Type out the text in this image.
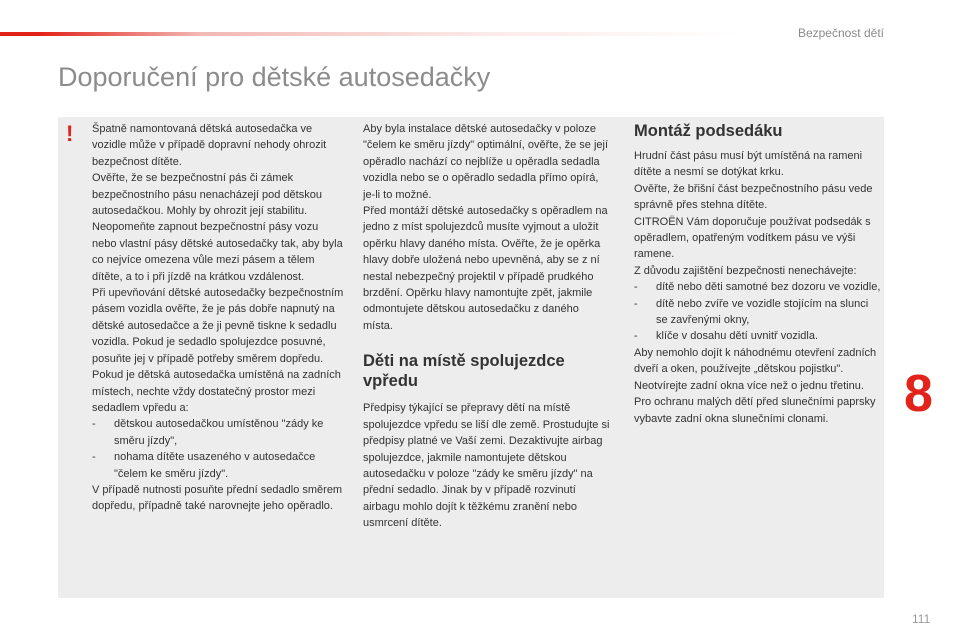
Bezpečnost dětí
Doporučení pro dětské autosedačky
! Špatně namontovaná dětská autosedačka ve vozidle může v případě dopravní nehody ohrozit bezpečnost dítěte.

Ověřte, že se bezpečnostní pás či zámek bezpečnostního pásu nenacházejí pod dětskou autosedačkou. Mohly by ohrozit její stabilitu.

Neopomeňte zapnout bezpečnostní pásy vozu nebo vlastní pásy dětské autosedačky tak, aby byla co nejvíce omezena vůle mezi pásem a tělem dítěte, a to i při jízdě na krátkou vzdálenost.

Při upevňování dětské autosedačky bezpečnostním pásem vozidla ověřte, že je pás dobře napnutý na dětské autosedačce a že ji pevně tiskne k sedadlu vozidla. Pokud je sedadlo spolujezdce posuvné, posuňte jej v případě potřeby směrem dopředu.

Pokud je dětská autosedačka umístěná na zadních místech, nechte vždy dostatečný prostor mezi sedadlem vpředu a:

-	dětskou autosedačkou umístěnou "zády ke směru jízdy",
-	nohama dítěte usazeného v autosedačce "čelem ke směru jízdy".

V případě nutnosti posuňte přední sedadlo směrem dopředu, případně také narovnejte jeho opěradlo.

Aby byla instalace dětské autosedačky v poloze "čelem ke směru jízdy" optimální, ověřte, že se její opěradlo nachází co nejblíže u opěradla sedadla vozidla nebo se o opěradlo sedadla přímo opírá, je-li to možné.

Před montáží dětské autosedačky s opěradlem na jedno z míst spolujezdců musíte vyjmout a uložit opěrku hlavy daného místa. Ověřte, že je opěrka hlavy dobře uložená nebo upevněná, aby se z ní nestal nebezpečný projektil v případě prudkého brzdění. Opěrku hlavy namontujte zpět, jakmile odmontujete dětskou autosedačku z daného místa.

Děti na místě spolujezdce vpředu

Předpisy týkající se přepravy dětí na místě spolujezdce vpředu se liší dle země. Prostudujte si předpisy platné ve Vaší zemi. Dezaktivujte airbag spolujezdce, jakmile namontujete dětskou autosedačku v poloze "zády ke směru jízdy" na přední sedadlo. Jinak by v případě rozvinutí airbagu mohlo dojít k těžkému zranění nebo usmrcení dítěte.

Montáž podsedáku

Hrudní část pásu musí být umístěná na rameni dítěte a nesmí se dotýkat krku.

Ověřte, že břišní část bezpečnostního pásu vede správně přes stehna dítěte.

CITROËN Vám doporučuje používat podsedák s opěradlem, opatřeným vodítkem pásu ve výši ramene.

Z důvodu zajištění bezpečnosti nenechávejte:

-	dítě nebo děti samotné bez dozoru ve vozidle,
-	dítě nebo zvíře ve vozidle stojícím na slunci se zavřenými okny,
-	klíče v dosahu dětí uvnitř vozidla.

Aby nemohlo dojít k náhodnému otevření zadních dveří a oken, používejte „dětskou pojistku".

Neotvírejte zadní okna více než o jednu třetinu.

Pro ochranu malých dětí před slunečními paprsky vybavte zadní okna slunečními clonami.	8
111
